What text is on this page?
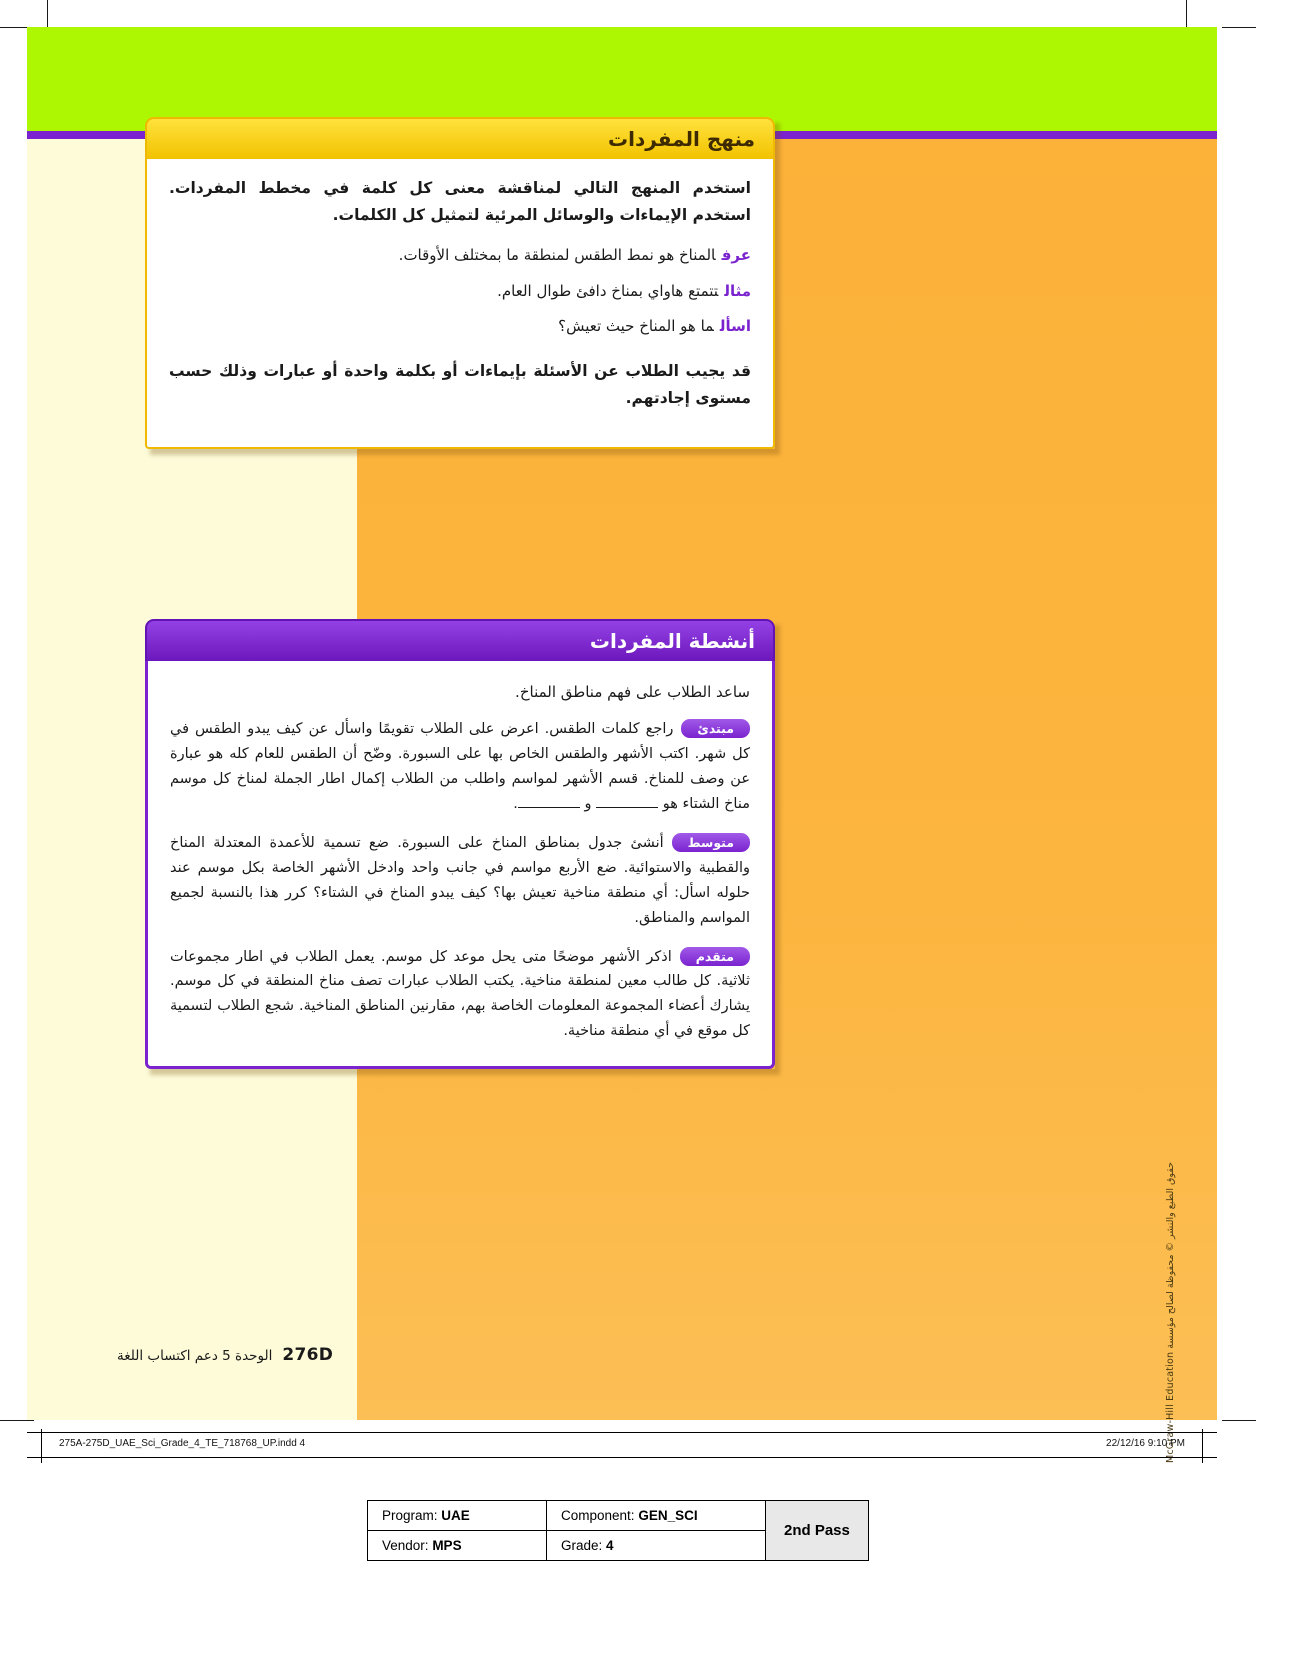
منهج المفردات

استخدم المنهج التالي لمناقشة معنى كل كلمة في مخطط المفردات. استخدم الإيماءات والوسائل المرئية لتمثيل كل الكلمات.

عرفالمناخ هو نمط الطقس لمنطقة ما بمختلف الأوقات.

مثالتتمتع هاواي بمناخ دافئ طوال العام.

اسألما هو المناخ حيث تعيش؟

قد يجيب الطلاب عن الأسئلة بإيماءات أو بكلمة واحدة أو عبارات وذلك حسب مستوى إجادتهم.

أنشطة المفردات

ساعد الطلاب على فهم مناطق المناخ.

مبتدئ

راجع كلمات الطقس. اعرض على الطلاب تقويمًا واسأل عن كيف يبدو الطقس في كل شهر. اكتب الأشهر والطقس الخاص بها على السبورة. وضّح أن الطقس للعام كله هو عبارة عن وصف للمناخ. قسم الأشهر لمواسم واطلب من الطلاب إكمال اطار الجملة لمناخ كل موسم مناخ الشتاء هو  و .

متوسط

أنشئ جدول بمناطق المناخ على السبورة. ضع تسمية للأعمدة المعتدلة المناخ والقطبية والاستوائية. ضع الأربع مواسم في جانب واحد وادخل الأشهر الخاصة بكل موسم عند حلوله اسأل: أي منطقة مناخية تعيش بها؟ كيف يبدو المناخ في الشتاء؟ كرر هذا بالنسبة لجميع المواسم والمناطق.

متقدم

اذكر الأشهر موضحًا متى يحل موعد كل موسم. يعمل الطلاب في اطار مجموعات ثلاثية. كل طالب معين لمنطقة مناخية. يكتب الطلاب عبارات تصف مناخ المنطقة في كل موسم. يشارك أعضاء المجموعة المعلومات الخاصة بهم، مقارنين المناطق المناخية. شجع الطلاب لتسمية كل موقع في أي منطقة مناخية.

276Dالوحدة 5 دعم اكتساب اللغة
275A-275D_UAE_Sci_Grade_4_TE_718768_UP.indd 4	22/12/16 9:10 PM
Program: UAE	Component: GEN_SCI	2nd Pass
Vendor: MPS	Grade: 4	
